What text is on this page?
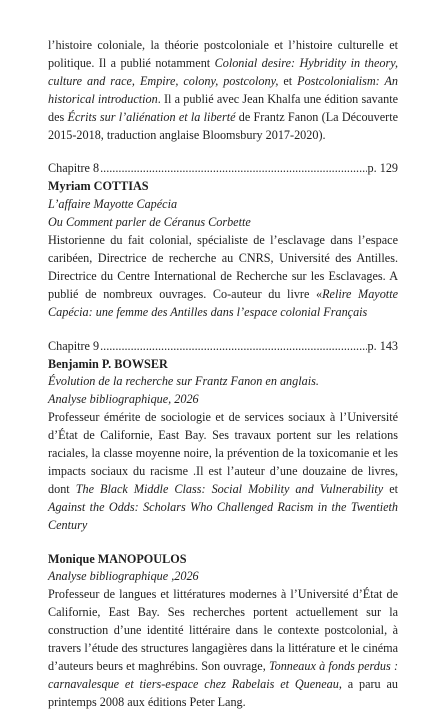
l’histoire coloniale, la théorie postcoloniale et l’histoire culturelle et politique. Il a publié notamment Colonial desire: Hybridity in theory, culture and race, Empire, colony, postcolony, et Postcolonialism: An historical introduction. Il a publié avec Jean Khalfa une édition savante des Écrits sur l’aliénation et la liberté de Frantz Fanon (La Découverte 2015-2018, traduction anglaise Bloomsbury 2017-2020).

Chapitre 8 .....	p. 129

Myriam COTTIAS

L’affaire Mayotte Capécia

Ou Comment parler de Céranus Corbette

Historienne du fait colonial, spécialiste de l’esclavage dans l’espace caribéen, Directrice de recherche au CNRS, Université des Antilles. Directrice du Centre International de Recherche sur les Esclavages. A publié de nombreux ouvrages. Co-auteur du livre «Relire Mayotte Capécia: une femme des Antilles dans l’espace colonial Français

Chapitre 9 .....	p. 143

Benjamin P. BOWSER

Évolution de la recherche sur Frantz Fanon en anglais.

Analyse bibliographique, 2026

Professeur émérite de sociologie et de services sociaux à l’Université d’État de Californie, East Bay. Ses travaux portent sur les relations raciales, la classe moyenne noire, la prévention de la toxicomanie et les impacts sociaux du racisme .Il est l’auteur d’une douzaine de livres, dont The Black Middle Class: Social Mobility and Vulnerability et Against the Odds: Scholars Who Challenged Racism in the Twentieth Century

Monique MANOPOULOS

Analyse bibliographique ,2026

Professeur de langues et littératures modernes à l’Université d’État de Californie, East Bay. Ses recherches portent actuellement sur la construction d’une identité littéraire dans le contexte postcolonial, à travers l’étude des structures langagières dans la littérature et le cinéma d’auteurs beurs et maghrébins. Son ouvrage, Tonneaux à fonds perdus : carnavalesque et tiers-espace chez Rabelais et Queneau, a paru au printemps 2008 aux éditions Peter Lang.
